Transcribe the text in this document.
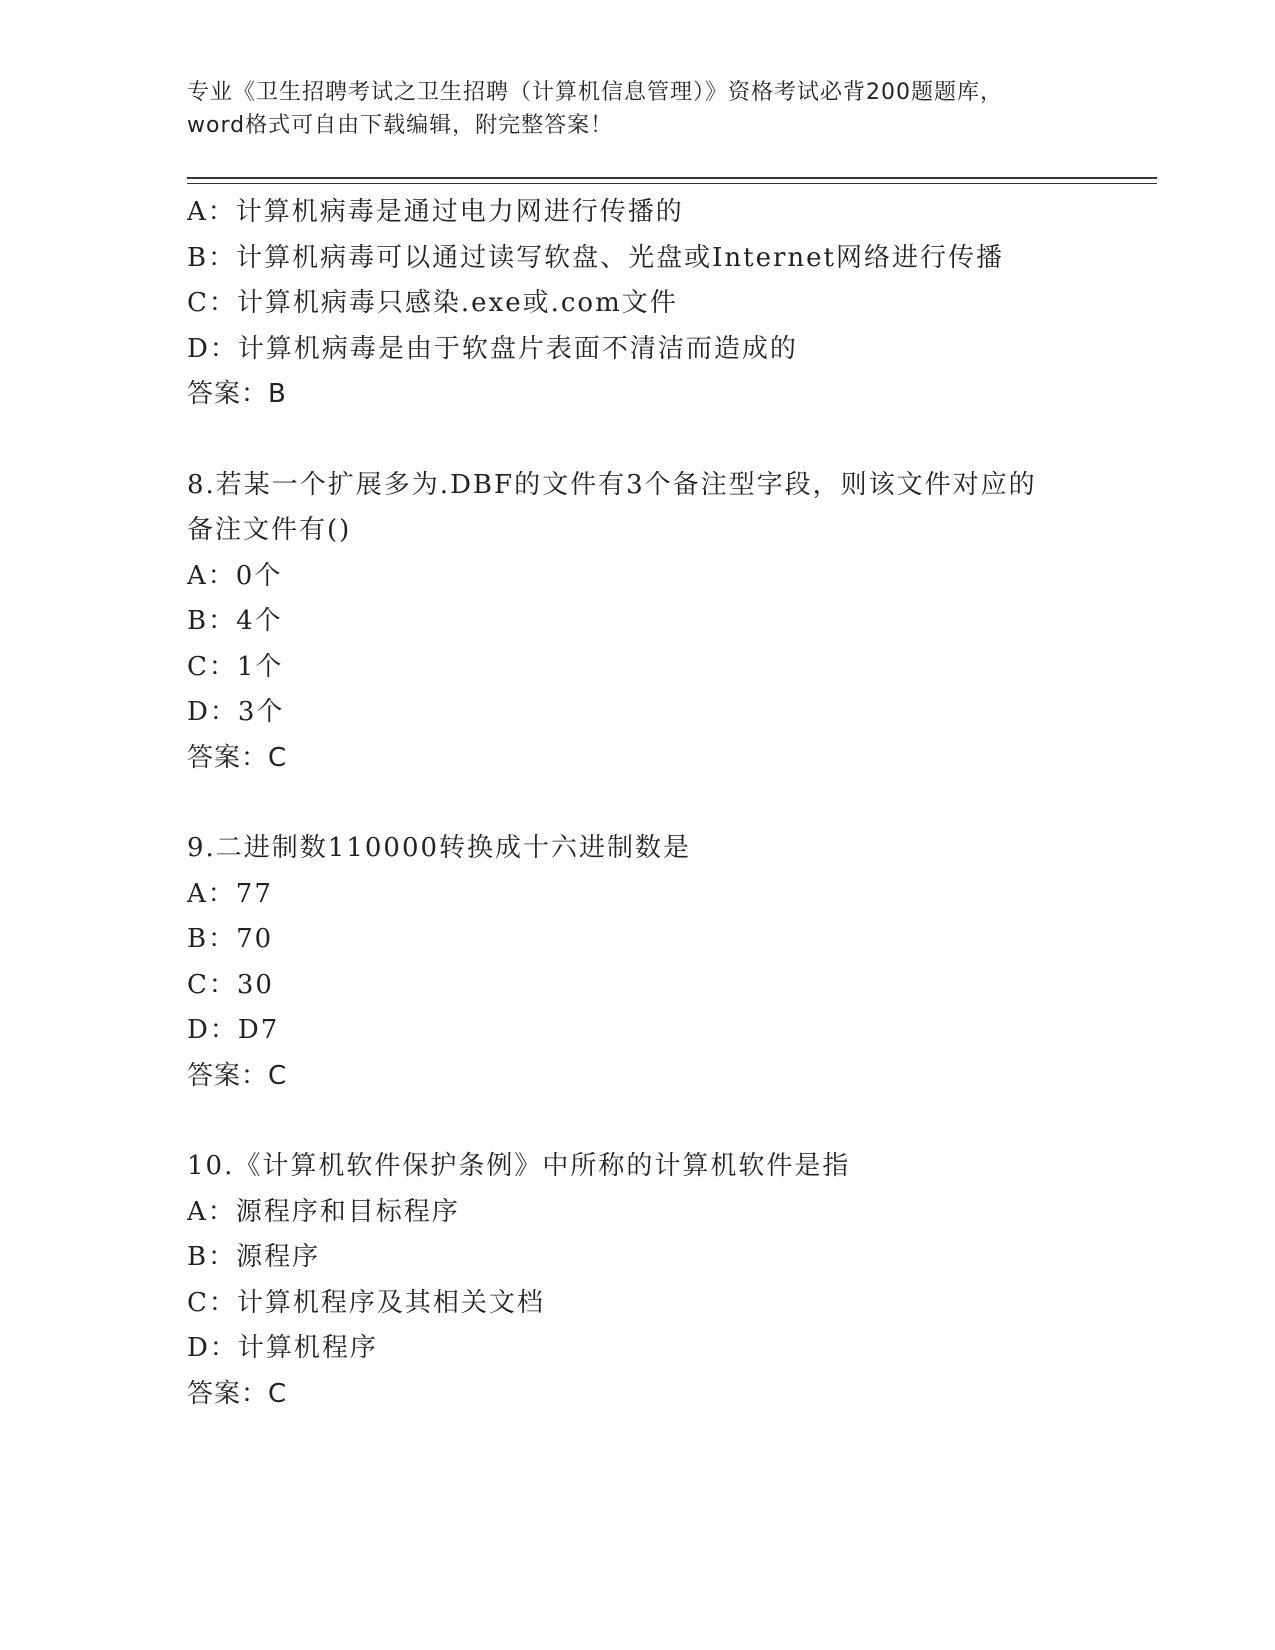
专业《卫生招聘考试之卫生招聘（计算机信息管理）》资格考试必背200题题库，
word格式可自由下载编辑，附完整答案！
A：计算机病毒是通过电力网进行传播的
B：计算机病毒可以通过读写软盘、光盘或Internet网络进行传播
C：计算机病毒只感染.exe或.com文件
D：计算机病毒是由于软盘片表面不清洁而造成的
答案：B
8.若某一个扩展多为.DBF的文件有3个备注型字段，则该文件对应的
备注文件有()
A：0个
B：4个
C：1个
D：3个
答案：C
9.二进制数110000转换成十六进制数是
A：77
B：70
C：30
D：D7
答案：C
10.《计算机软件保护条例》中所称的计算机软件是指
A：源程序和目标程序
B：源程序
C：计算机程序及其相关文档
D：计算机程序
答案：C
